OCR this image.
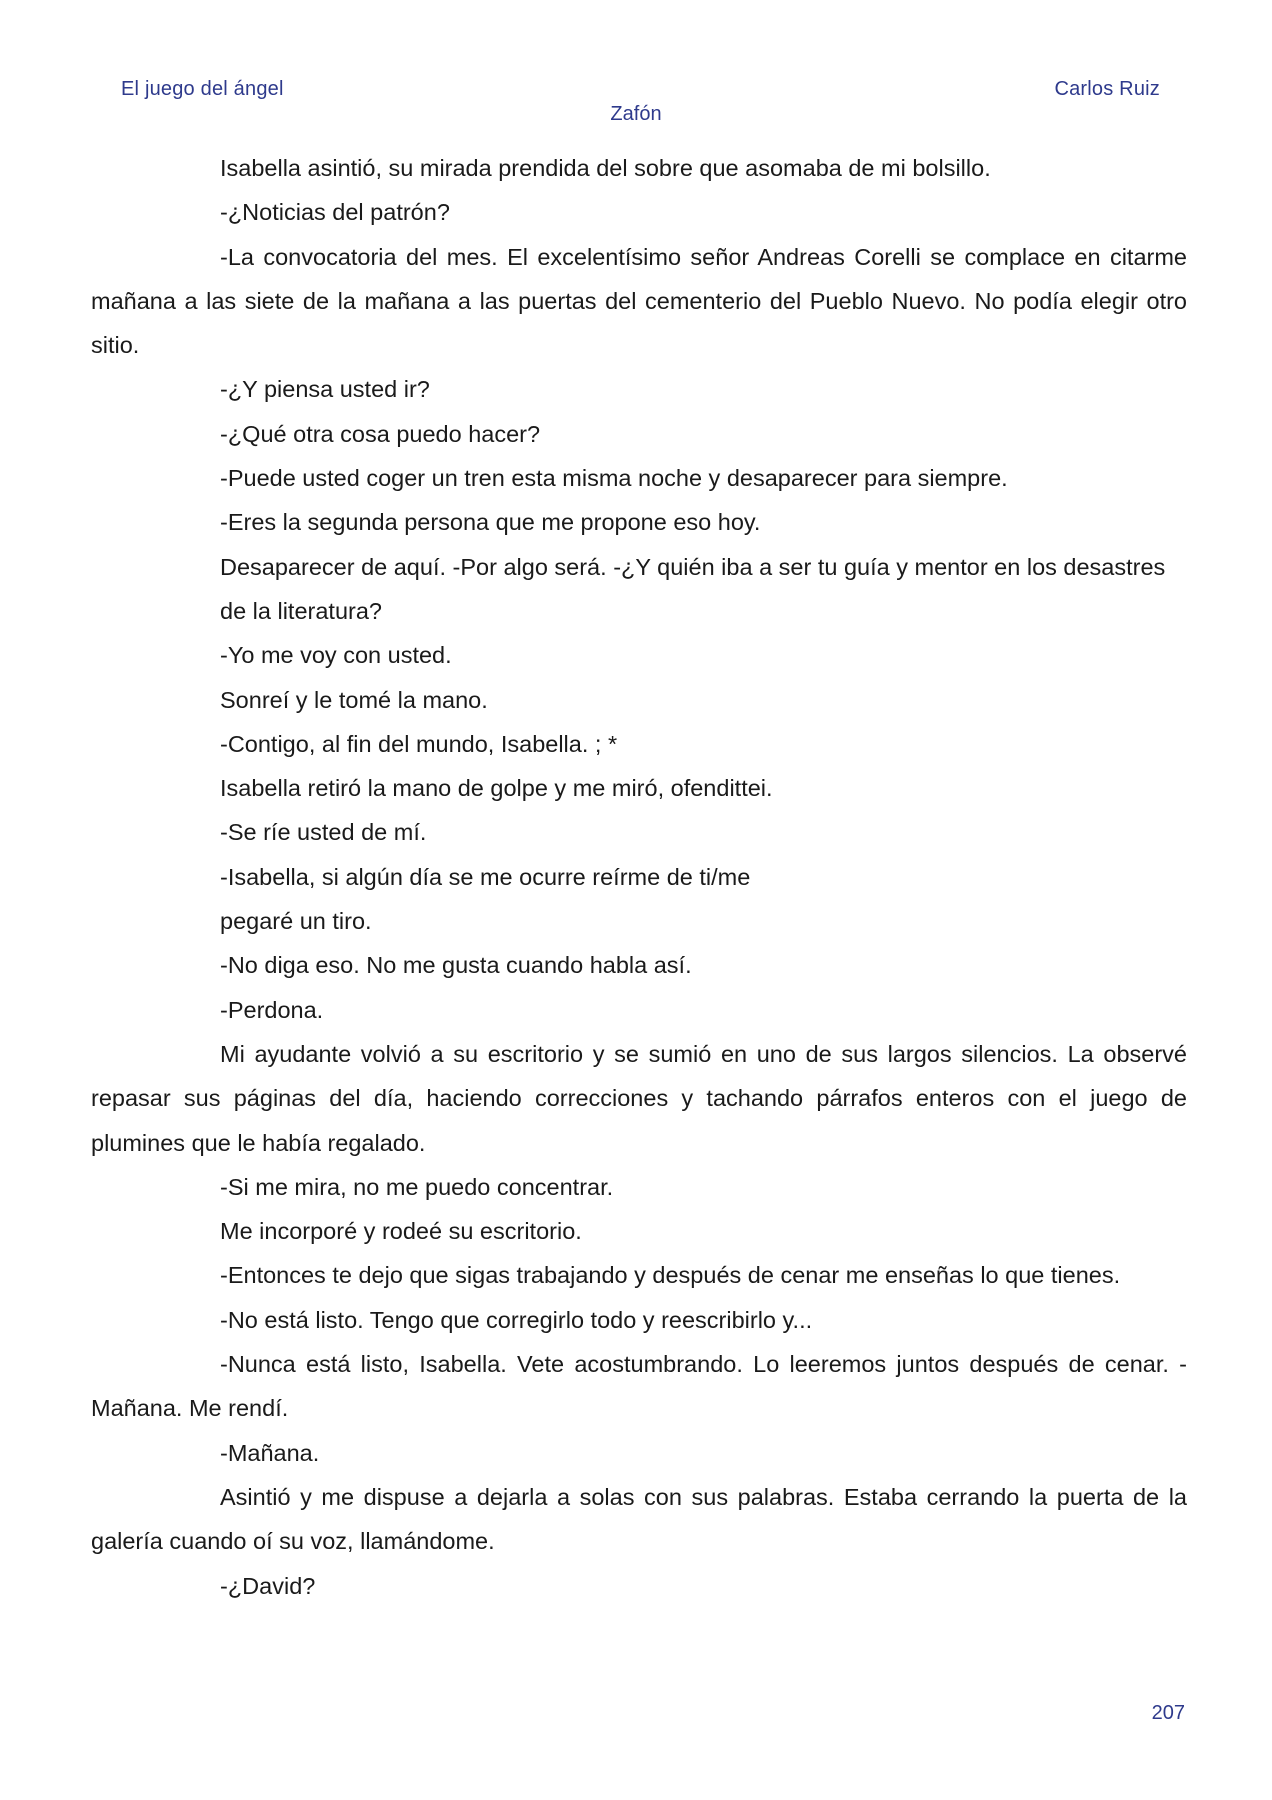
El juego del ángel	Carlos Ruiz
Zafón

Isabella asintió, su mirada prendida del sobre que asomaba de mi bolsillo.

-¿Noticias del patrón?

-La convocatoria del mes. El excelentísimo señor Andreas Corelli se complace en citarme mañana a las siete de la mañana a las puertas del cementerio del Pueblo Nuevo. No podía elegir otro sitio.

-¿Y piensa usted ir?

-¿Qué otra cosa puedo hacer?

-Puede usted coger un tren esta misma noche y desaparecer para siempre.

-Eres la segunda persona que me propone eso hoy.

Desaparecer de aquí. -Por algo será. -¿Y quién iba a ser tu guía y mentor en los desastres

de la literatura?

-Yo me voy con usted.

Sonreí y le tomé la mano.

-Contigo, al fin del mundo, Isabella. ; *

Isabella retiró la mano de golpe y me miró, ofendittei.

-Se ríe usted de mí.

-Isabella, si algún día se me ocurre reírme de ti/me

pegaré un tiro.

-No diga eso. No me gusta cuando habla así.

-Perdona.

Mi ayudante volvió a su escritorio y se sumió en uno de sus largos silencios. La observé repasar sus páginas del día, haciendo correcciones y tachando párrafos enteros con el juego de plumines que le había regalado.

-Si me mira, no me puedo concentrar.

Me incorporé y rodeé su escritorio.

-Entonces te dejo que sigas trabajando y después de cenar me enseñas lo que tienes.

-No está listo. Tengo que corregirlo todo y reescribirlo y...

-Nunca está listo, Isabella. Vete acostumbrando. Lo leeremos juntos después de cenar. -Mañana. Me rendí.

-Mañana.

Asintió y me dispuse a dejarla a solas con sus palabras. Estaba cerrando la puerta de la galería cuando oí su voz, llamándome.

-¿David?

207
